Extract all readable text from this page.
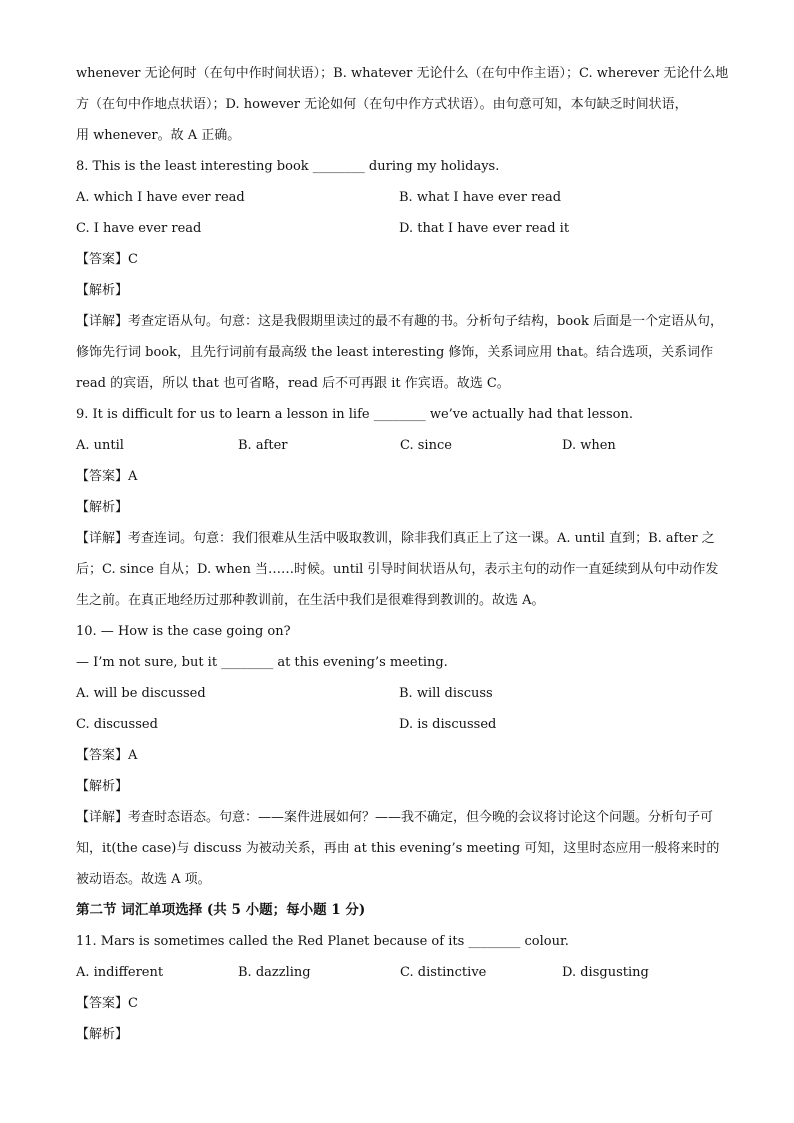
whenever 无论何时（在句中作时间状语）；B. whatever 无论什么（在句中作主语）；C. wherever 无论什么地
方（在句中作地点状语）；D. however 无论如何（在句中作方式状语）。由句意可知，本句缺乏时间状语，
用 whenever。故 A 正确。
8. This is the least interesting book ________ during my holidays.
A. which I have ever read	B. what I have ever read
C. I have ever read	D. that I have ever read it
【答案】C
【解析】
【详解】考查定语从句。句意：这是我假期里读过的最不有趣的书。分析句子结构，book 后面是一个定语从句，修饰先行词 book，且先行词前有最高级 the least interesting 修饰，关系词应用 that。结合选项，关系词作 read 的宾语，所以 that 也可省略，read 后不可再跟 it 作宾语。故选 C。
9. It is difficult for us to learn a lesson in life ________ we’ve actually had that lesson.
A. until	B. after	C. since	D. when
【答案】A
【解析】
【详解】考查连词。句意：我们很难从生活中吸取教训，除非我们真正上了这一课。A. until 直到；B. after 之后；C. since 自从；D. when 当……时候。until 引导时间状语从句，表示主句的动作一直延续到从句中动作发生之前。在真正地经历过那种教训前，在生活中我们是很难得到教训的。故选 A。
10. — How is the case going on?
— I’m not sure, but it ________ at this evening’s meeting.
A. will be discussed	B. will discuss
C. discussed	D. is discussed
【答案】A
【解析】
【详解】考查时态语态。句意：——案件进展如何？——我不确定，但今晚的会议将讨论这个问题。分析句子可知，it(the case)与 discuss 为被动关系，再由 at this evening’s meeting 可知，这里时态应用一般将来时的被动语态。故选 A 项。
第二节 词汇单项选择 (共 5 小题；每小题 1 分)
11. Mars is sometimes called the Red Planet because of its ________ colour.
A. indifferent	B. dazzling	C. distinctive	D. disgusting
【答案】C
【解析】
